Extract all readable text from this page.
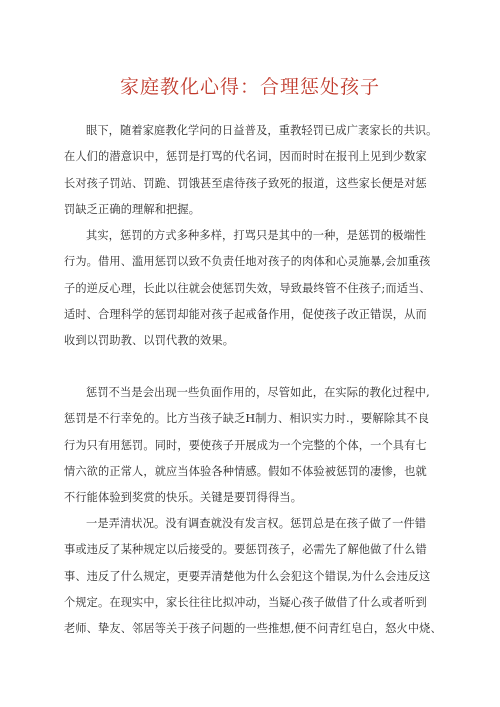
家庭教化心得：合理惩处孩子
眼下，随着家庭教化学问的日益普及，重教轻罚已成广袤家长的共识。
在人们的潜意识中，惩罚是打骂的代名词，因而时时在报刊上见到少数家
长对孩子罚站、罚跪、罚饿甚至虐待孩子致死的报道，这些家长便是对惩
罚缺乏正确的理解和把握。
其实，惩罚的方式多种多样，打骂只是其中的一种，是惩罚的极端性
行为。借用、滥用惩罚以致不负责任地对孩子的肉体和心灵施暴,会加重孩
子的逆反心理，长此以往就会使惩罚失效，导致最终管不住孩子;而适当、
适时、合理科学的惩罚却能对孩子起戒备作用，促使孩子改正错误，从而
收到以罚助教、以罚代教的效果。
惩罚不当是会出现一些负面作用的，尽管如此，在实际的教化过程中,
惩罚是不行幸免的。比方当孩子缺乏H制力、相识实力时.，要解除其不良
行为只有用惩罚。同时，要使孩子开展成为一个完整的个体，一个具有七
情六欲的正常人，就应当体验各种情感。假如不体验被惩罚的凄惨，也就
不行能体验到奖赏的快乐。关键是要罚得得当。
一是弄清状况。没有调查就没有发言权。惩罚总是在孩子做了一件错
事或违反了某种规定以后接受的。要惩罚孩子，必需先了解他做了什么错
事、违反了什么规定，更要弄清楚他为什么会犯这个错误,为什么会违反这
个规定。在现实中，家长往往比拟冲动，当疑心孩子做借了什么或者听到
老师、挚友、邻居等关于孩子问题的一些推想,便不问青红皂白，怒火中烧、
